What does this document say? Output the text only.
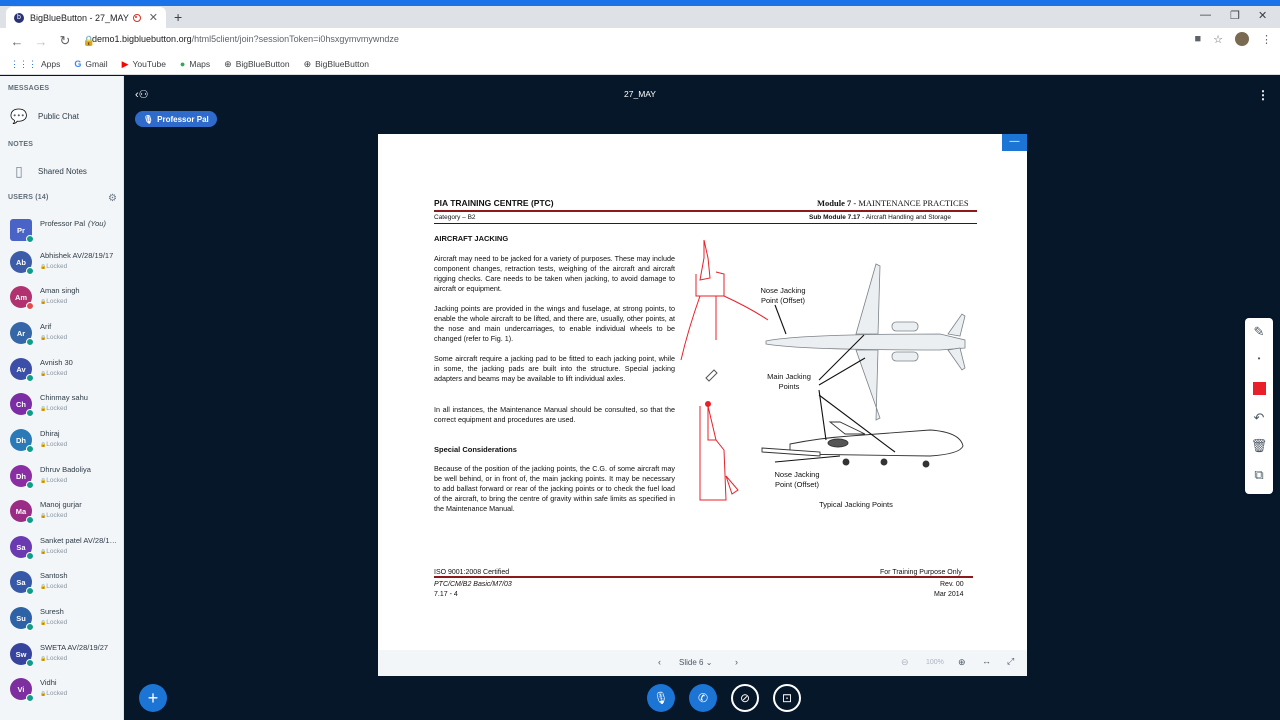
b	BigBlueButton - 27_MAY ✕ +	— ❐ ✕
← → ↻ 🔒
demo1.bigbluebutton.org/html5client/join?sessionToken=i0hsxgymvmywndze	■ ☆	⋮
⋮⋮⋮ Apps G Gmail ▶ YouTube ● Maps ⊕ BigBlueButton ⊕ BigBlueButton
MESSAGES
💬 Public Chat
NOTES
▯	Shared Notes
USERS (14)	⚙
Pr
Professor Pal (You)
Ab
Abhishek AV/28/19/17
🔒Locked
Am
Aman singh
🔒Locked
Ar
Arif
🔒Locked
Av
Avnish 30
🔒Locked
Ch
Chinmay sahu
🔒Locked
Dh
Dhiraj
🔒Locked
Dh
Dhruv Badoliya
🔒Locked
Ma
Manoj gurjar
🔒Locked
Sa
Sanket patel AV/28/1…
🔒Locked
Sa
Santosh
🔒Locked
Su
Suresh
🔒Locked
Sw
SWETA AV/28/19/27
🔒Locked
Vi
Vidhi
🔒Locked
‹⚇	27_MAY	⋮
🎙 Professor Pal
—
PIA TRAINING CENTRE (PTC)	Module 7 - MAINTENANCE PRACTICES
Category – B2	Sub Module 7.17 - Aircraft Handling and Storage
AIRCRAFT JACKING
Aircraft may need to be jacked for a variety of purposes. These may include component changes, retraction tests, weighing of the aircraft and aircraft rigging checks. Care needs to be taken when jacking, to avoid damage to aircraft or equipment.
Jacking points are provided in the wings and fuselage, at strong points, to enable the whole aircraft to be lifted, and there are, usually, other points, at the nose and main undercarriages, to enable individual wheels to be changed (refer to Fig. 1).
Some aircraft require a jacking pad to be fitted to each jacking point, while in some, the jacking pads are built into the structure. Special jacking adapters and beams may be available to lift individual axles.
In all instances, the Maintenance Manual should be consulted, so that the correct equipment and procedures are used.
Special Considerations
Because of the position of the jacking points, the C.G. of some aircraft may be well behind, or in front of, the main jacking points. It may be necessary to add ballast forward or rear of the jacking points or to check the fuel load of the aircraft, to bring the centre of gravity within safe limits as specified in the Maintenance Manual.
Nose Jacking Point (Offset)
Main Jacking Points
Nose Jacking Point (Offset)
Typical Jacking Points
ISO 9001:2008 Certified	For Training Purpose Only
PTC/CM/B2 Basic/M7/03
7.17 - 4
Rev. 00
Mar 2014
‹ Slide 6 ⌄	›	⊖ 100% ⊕ ↔ ⤢
✎
•
↶
🗑
⧉
+	🎙 ✆	⊘	⊡
